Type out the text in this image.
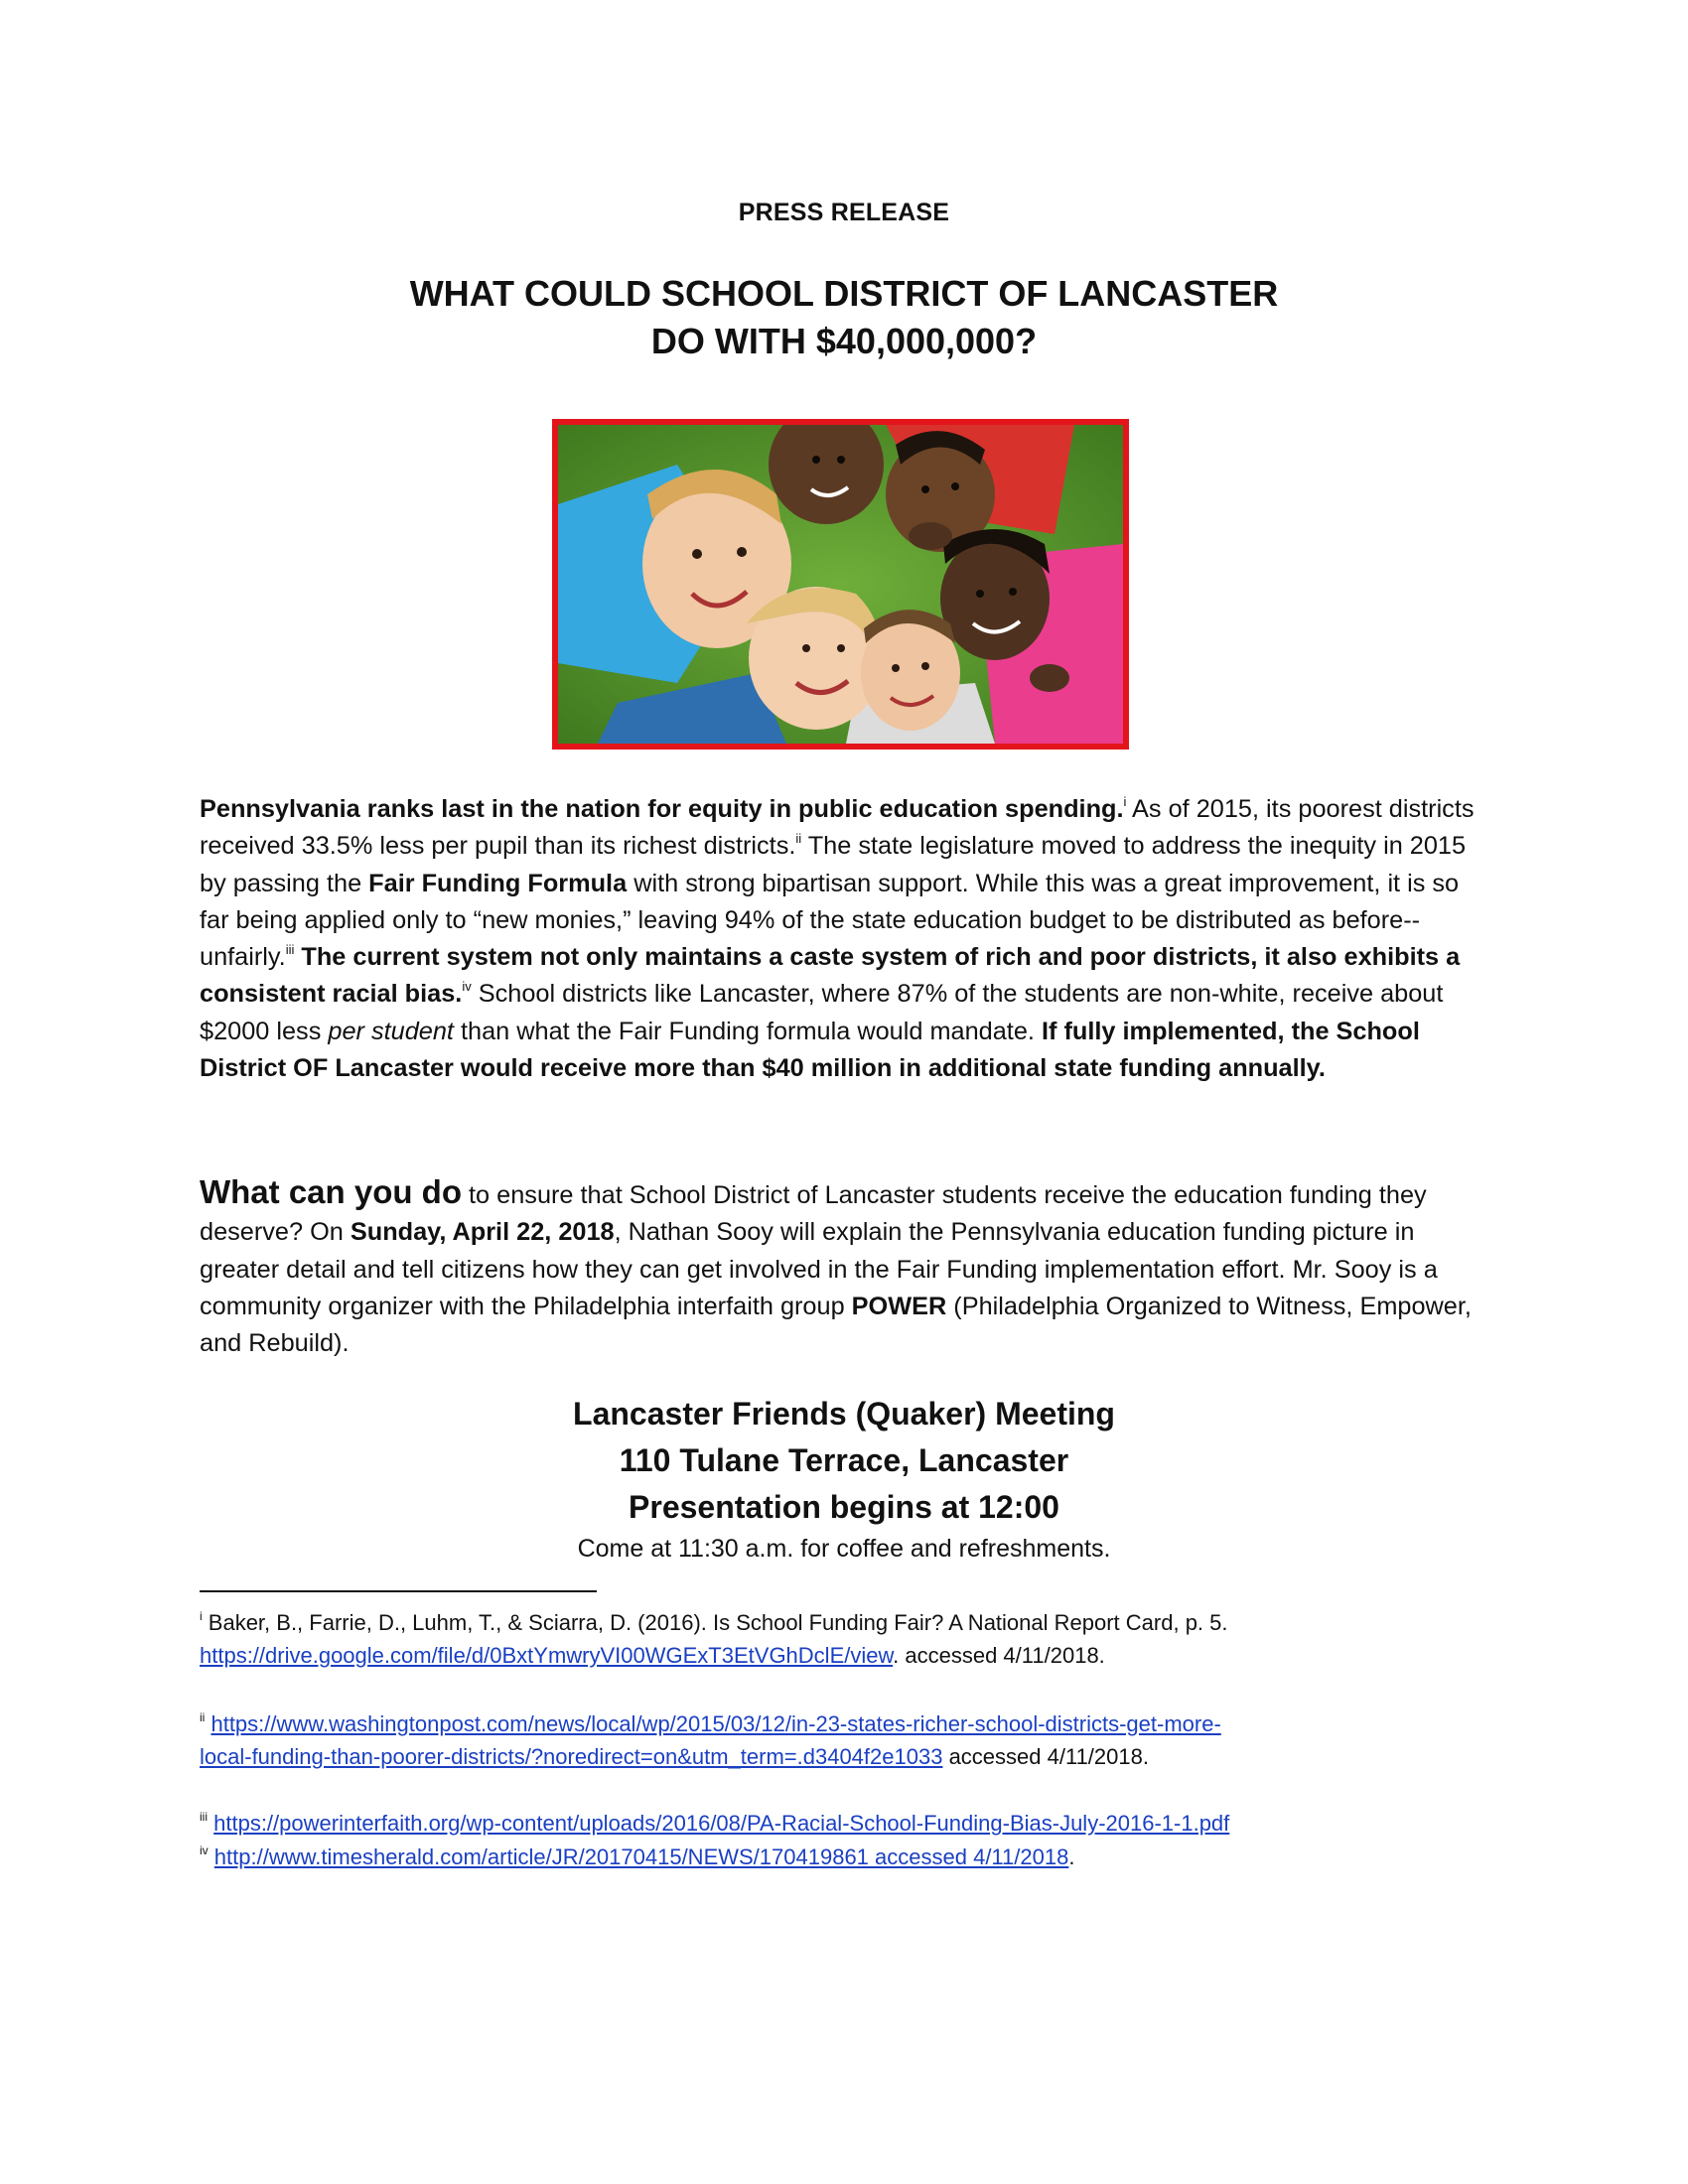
PRESS RELEASE
WHAT COULD SCHOOL DISTRICT OF LANCASTER
DO WITH $40,000,000?
Pennsylvania ranks last in the nation for equity in public education spending.$^i$ As of 2015, its poorest districts received 33.5% less per pupil than its richest districts.$^{ii}$ The state legislature moved to address the inequity in 2015 by passing the Fair Funding Formula with strong bipartisan support. While this was a great improvement, it is so far being applied only to “new monies,” leaving 94% of the state education budget to be distributed as before--unfairly.$^{iii}$ The current system not only maintains a caste system of rich and poor districts, it also exhibits a consistent racial bias.$^{iv}$ School districts like Lancaster, where 87% of the students are non-white, receive about $2000 less per student than what the Fair Funding formula would mandate. If fully implemented, the School District OF Lancaster would receive more than $40 million in additional state funding annually.
What can you do to ensure that School District of Lancaster students receive the education funding they deserve? On Sunday, April 22, 2018, Nathan Sooy will explain the Pennsylvania education funding picture in greater detail and tell citizens how they can get involved in the Fair Funding implementation effort. Mr. Sooy is a community organizer with the Philadelphia interfaith group POWER (Philadelphia Organized to Witness, Empower, and Rebuild).
Lancaster Friends (Quaker) Meeting
110 Tulane Terrace, Lancaster
Presentation begins at 12:00
Come at 11:30 a.m. for coffee and refreshments.
$^i$ Baker, B., Farrie, D., Luhm, T., & Sciarra, D. (2016). Is School Funding Fair? A National Report Card, p. 5.
https://drive.google.com/file/d/0BxtYmwryVI00WGExT3EtVGhDclE/view. accessed 4/11/2018.
$^{ii}$ https://www.washingtonpost.com/news/local/wp/2015/03/12/in-23-states-richer-school-districts-get-more-
local-funding-than-poorer-districts/?noredirect=on&utm_term=.d3404f2e1033 accessed 4/11/2018.
$^{iii}$ https://powerinterfaith.org/wp-content/uploads/2016/08/PA-Racial-School-Funding-Bias-July-2016-1-1.pdf
$^{iv}$ http://www.timesherald.com/article/JR/20170415/NEWS/170419861 accessed 4/11/2018.
